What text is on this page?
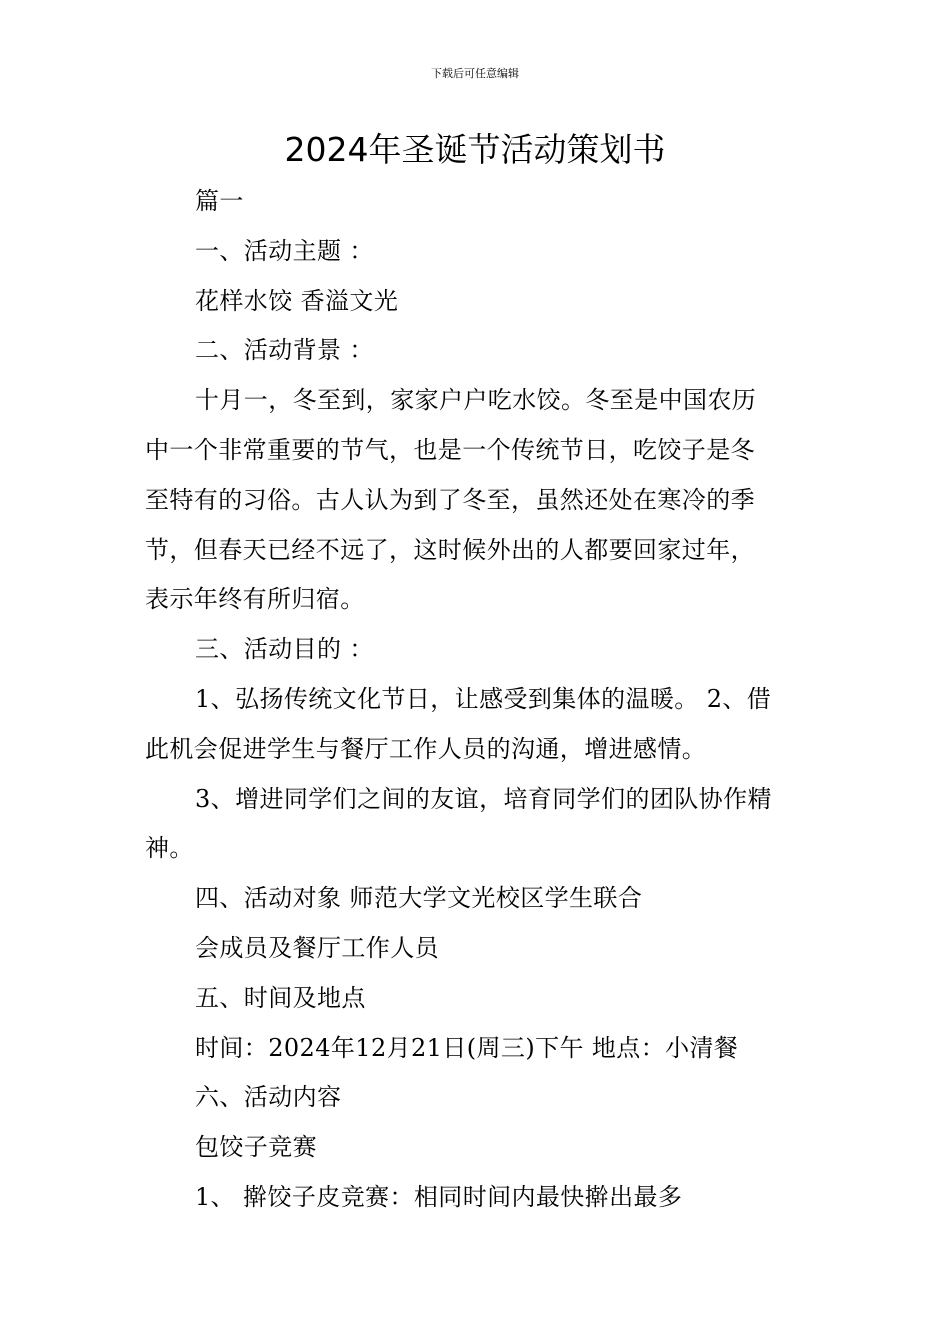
下载后可任意编辑
2024年圣诞节活动策划书
篇一
一、活动主题 ：
花样水饺 香溢文光
二、活动背景 ：
十月一，冬至到，家家户户吃水饺。冬至是中国农历
中一个非常重要的节气，也是一个传统节日，吃饺子是冬
至特有的习俗。古人认为到了冬至，虽然还处在寒冷的季
节，但春天已经不远了，这时候外出的人都要回家过年，
表示年终有所归宿。
三、活动目的 ：
1、弘扬传统文化节日，让感受到集体的温暖。 2、借
此机会促进学生与餐厅工作人员的沟通，增进感情。
3、增进同学们之间的友谊，培育同学们的团队协作精
神。
四、活动对象 师范大学文光校区学生联合
会成员及餐厅工作人员
五、时间及地点
时间：2024年12月21日(周三)下午 地点：小清餐
六、活动内容
包饺子竞赛
1、 擀饺子皮竞赛：相同时间内最快擀出最多
